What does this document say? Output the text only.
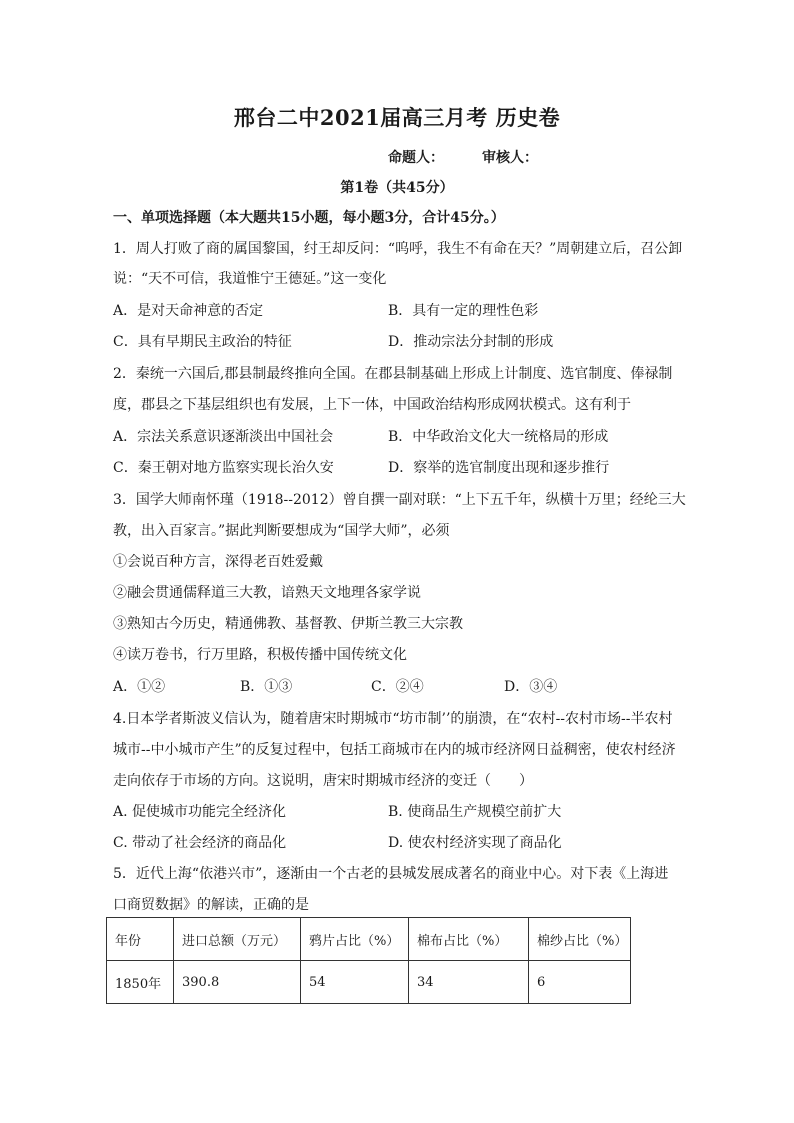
邢台二中2021届高三月考 历史卷
命题人：	审核人：
第1卷（共45分）
一、单项选择题（本大题共15小题，每小题3分，合计45分。）
1．周人打败了商的属国黎国，纣王却反问：“呜呼，我生不有命在天？”周朝建立后，召公卸
说：“天不可信，我道惟宁王德延。”这一变化
A．是对天命神意的否定	B．具有一定的理性色彩
C．具有早期民主政治的特征	D．推动宗法分封制的形成
2．秦统一六国后,郡县制最终推向全国。在郡县制基础上形成上计制度、选官制度、俸禄制
度，郡县之下基层组织也有发展，上下一体，中国政治结构形成网状模式。这有利于
A．宗法关系意识逐渐淡出中国社会	B．中华政治文化大一统格局的形成
C．秦王朝对地方监察实现长治久安	D．察举的选官制度出现和逐步推行
3．国学大师南怀瑾（1918--2012）曾自撰一副对联：“上下五千年，纵横十万里；经纶三大
教，出入百家言。”据此判断要想成为“国学大师”，必须
①会说百种方言，深得老百姓爱戴
②融会贯通儒释道三大教，谙熟天文地理各家学说
③熟知古今历史，精通佛教、基督教、伊斯兰教三大宗教
④读万卷书，行万里路，积极传播中国传统文化
A．①②	B．①③	C．②④	D．③④
4.日本学者斯波义信认为，随着唐宋时期城市“坊市制’’的崩溃，在“农村--农村市场--半农村
城市--中小城市产生”的反复过程中，包括工商城市在内的城市经济网日益稠密，使农村经济
走向依存于市场的方向。这说明，唐宋时期城市经济的变迁（　　）
A. 促使城市功能完全经济化	B. 使商品生产规模空前扩大
C. 带动了社会经济的商品化	D. 使农村经济实现了商品化
5．近代上海“依港兴市”，逐渐由一个古老的县城发展成著名的商业中心。对下表《上海进
口商贸数据》的解读，正确的是
年份	进口总额（万元）	鸦片占比（%）	棉布占比（%）	棉纱占比（%）
1850年	390.8	54	34	6
